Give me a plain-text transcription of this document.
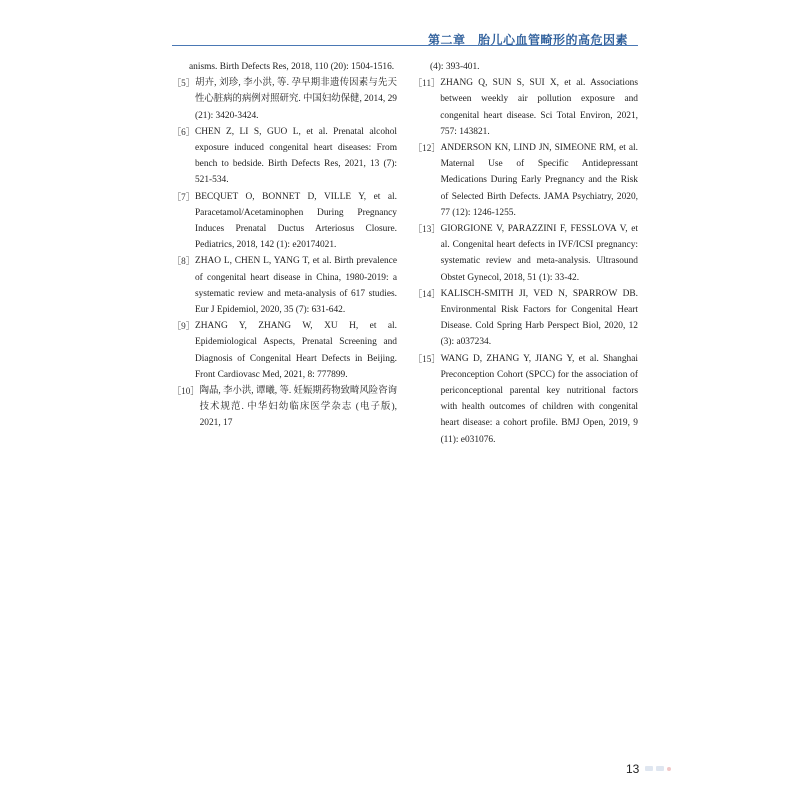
第二章　胎儿心血管畸形的高危因素
anisms. Birth Defects Res, 2018, 110 (20): 1504-1516.
［5］ 胡卉, 刘珍, 李小洪, 等. 孕早期非遗传因素与先天性心脏病的病例对照研究. 中国妇幼保健, 2014, 29 (21): 3420-3424.
［6］ CHEN Z, LI S, GUO L, et al. Prenatal alcohol exposure induced congenital heart diseases: From bench to bedside. Birth Defects Res, 2021, 13 (7): 521-534.
［7］ BECQUET O, BONNET D, VILLE Y, et al. Paracetamol/Acetaminophen During Pregnancy Induces Prenatal Ductus Arteriosus Closure. Pediatrics, 2018, 142 (1): e20174021.
［8］ ZHAO L, CHEN L, YANG T, et al. Birth prevalence of congenital heart disease in China, 1980-2019: a systematic review and meta-analysis of 617 studies. Eur J Epidemiol, 2020, 35 (7): 631-642.
［9］ ZHANG Y, ZHANG W, XU H, et al. Epidemiological Aspects, Prenatal Screening and Diagnosis of Congenital Heart Defects in Beijing. Front Cardiovasc Med, 2021, 8: 777899.
［10］ 陶晶, 李小洪, 谭曦, 等. 妊娠期药物致畸风险咨询技术规范. 中华妇幼临床医学杂志 (电子版), 2021, 17
(4): 393-401.
［11］ ZHANG Q, SUN S, SUI X, et al. Associations between weekly air pollution exposure and congenital heart disease. Sci Total Environ, 2021, 757: 143821.
［12］ ANDERSON KN, LIND JN, SIMEONE RM, et al. Maternal Use of Specific Antidepressant Medications During Early Pregnancy and the Risk of Selected Birth Defects. JAMA Psychiatry, 2020, 77 (12): 1246-1255.
［13］ GIORGIONE V, PARAZZINI F, FESSLOVA V, et al. Congenital heart defects in IVF/ICSI pregnancy: systematic review and meta-analysis. Ultrasound Obstet Gynecol, 2018, 51 (1): 33-42.
［14］ KALISCH-SMITH JI, VED N, SPARROW DB. Environmental Risk Factors for Congenital Heart Disease. Cold Spring Harb Perspect Biol, 2020, 12 (3): a037234.
［15］ WANG D, ZHANG Y, JIANG Y, et al. Shanghai Preconception Cohort (SPCC) for the association of periconceptional parental key nutritional factors with health outcomes of children with congenital heart disease: a cohort profile. BMJ Open, 2019, 9 (11): e031076.
13
